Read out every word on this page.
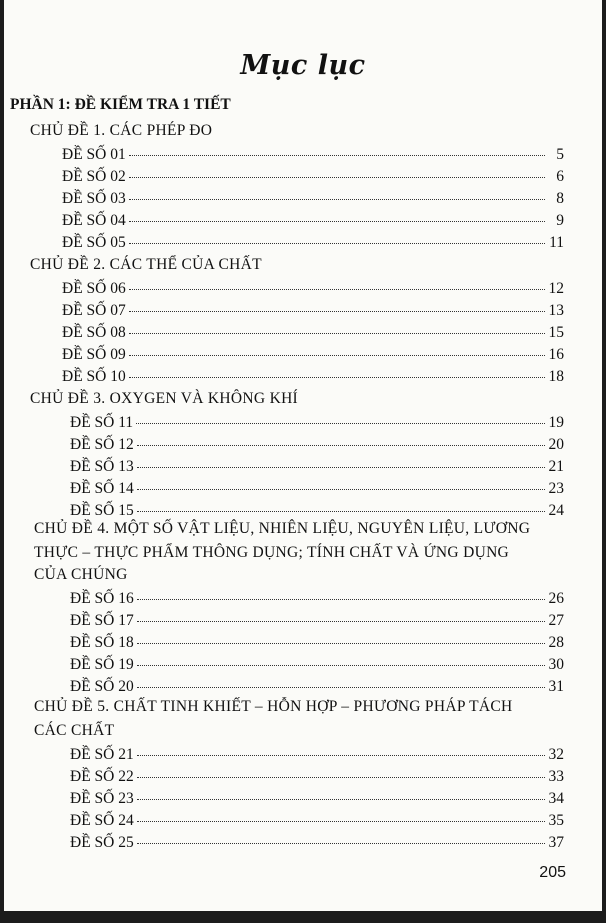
Mục lục
PHẦN 1: ĐỀ KIỂM TRA 1 TIẾT
CHỦ ĐỀ 1. CÁC PHÉP ĐO
ĐỀ SỐ 01	5
ĐỀ SỐ 02	6
ĐỀ SỐ 03	8
ĐỀ SỐ 04	9
ĐỀ SỐ 05	11
CHỦ ĐỀ 2. CÁC THỂ CỦA CHẤT
ĐỀ SỐ 06	12
ĐỀ SỐ 07	13
ĐỀ SỐ 08	15
ĐỀ SỐ 09	16
ĐỀ SỐ 10	18
CHỦ ĐỀ 3. OXYGEN VÀ KHÔNG KHÍ
ĐỀ SỐ 11	19
ĐỀ SỐ 12	20
ĐỀ SỐ 13	21
ĐỀ SỐ 14	23
ĐỀ SỐ 15	24
CHỦ ĐỀ 4. MỘT SỐ VẬT LIỆU, NHIÊN LIỆU, NGUYÊN LIỆU, LƯƠNG
THỰC – THỰC PHẨM THÔNG DỤNG; TÍNH CHẤT VÀ ỨNG DỤNG
CỦA CHÚNG
ĐỀ SỐ 16	26
ĐỀ SỐ 17	27
ĐỀ SỐ 18	28
ĐỀ SỐ 19	30
ĐỀ SỐ 20	31
CHỦ ĐỀ 5. CHẤT TINH KHIẾT – HỖN HỢP – PHƯƠNG PHÁP TÁCH
CÁC CHẤT
ĐỀ SỐ 21	32
ĐỀ SỐ 22	33
ĐỀ SỐ 23	34
ĐỀ SỐ 24	35
ĐỀ SỐ 25	37
205
